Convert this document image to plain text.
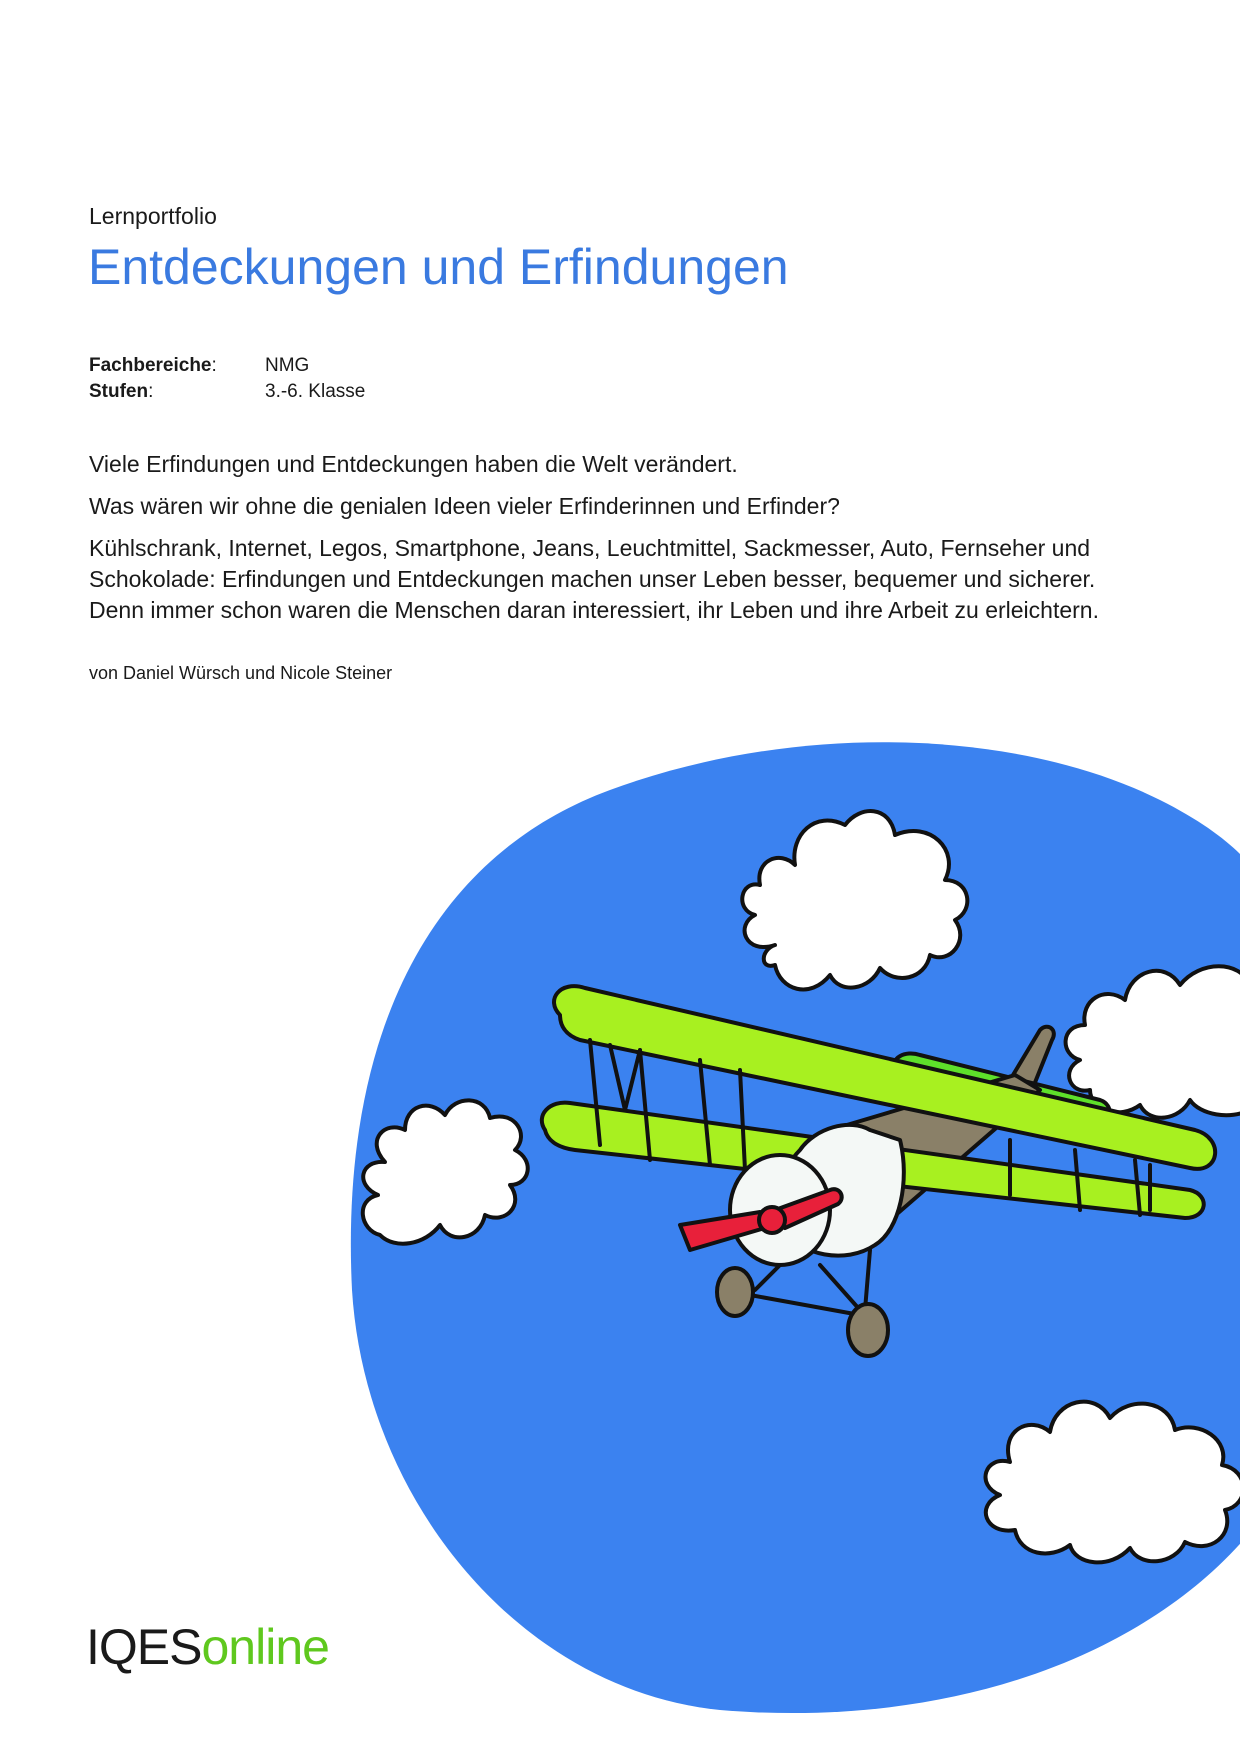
Lernportfolio
Entdeckungen und Erfindungen
Fachbereiche:	NMG
Stufen:	3.-6. Klasse

Viele Erfindungen und Entdeckungen haben die Welt verändert.

Was wären wir ohne die genialen Ideen vieler Erfinderinnen und Erfinder?

Kühlschrank, Internet, Legos, Smartphone, Jeans, Leuchtmittel, Sackmesser, Auto, Fernseher und
Schokolade: Erfindungen und Entdeckungen machen unser Leben besser, bequemer und sicherer.
Denn immer schon waren die Menschen daran interessiert, ihr Leben und ihre Arbeit zu erleichtern.

von Daniel Würsch und Nicole Steiner
IQESonline
